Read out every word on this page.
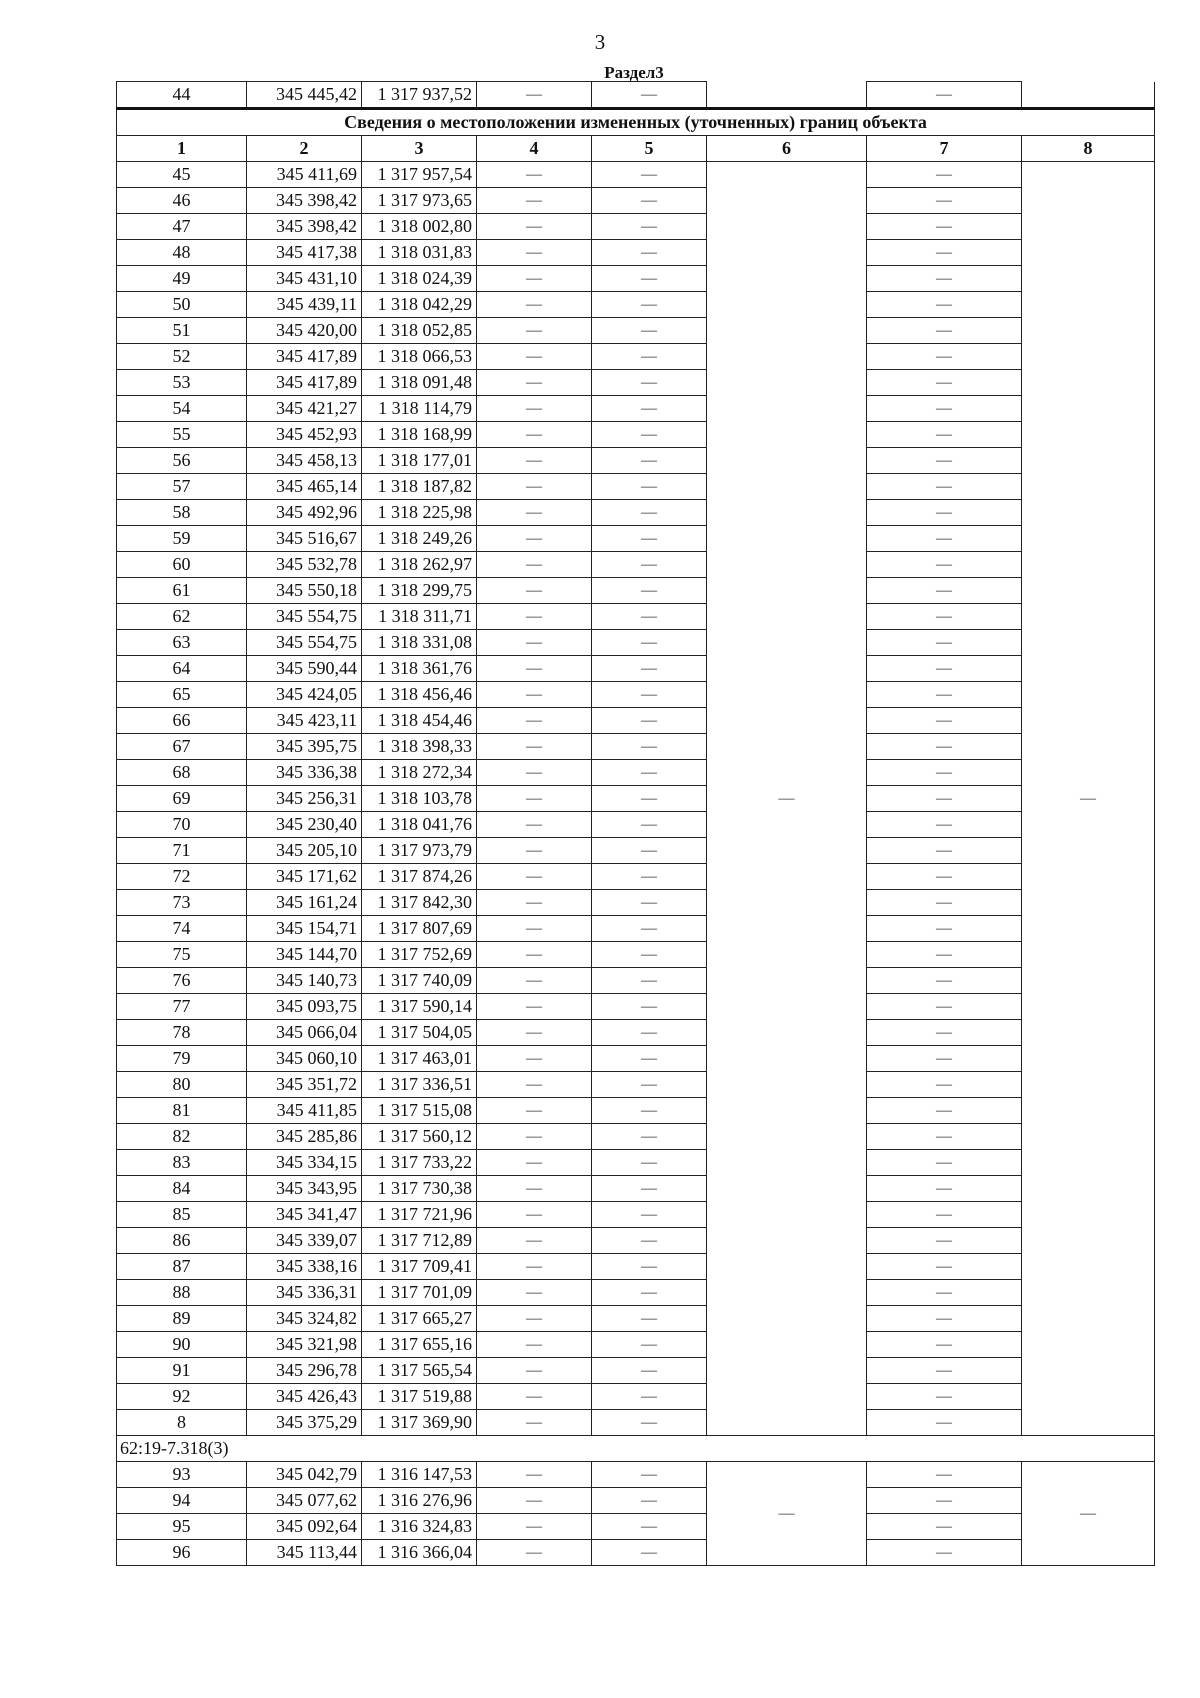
3
Раздел3
44	345 445,42	1 317 937,52	—	—		—	
Сведения о местоположении измененных (уточненных) границ объекта							
1	2	3	4	5	6	7	8
45	345 411,69	1 317 957,54	—	—	—	—	—
46	345 398,42	1 317 973,65	—	—		—	
47	345 398,42	1 318 002,80	—	—		—	
48	345 417,38	1 318 031,83	—	—		—	
49	345 431,10	1 318 024,39	—	—		—	
50	345 439,11	1 318 042,29	—	—		—	
51	345 420,00	1 318 052,85	—	—		—	
52	345 417,89	1 318 066,53	—	—		—	
53	345 417,89	1 318 091,48	—	—		—	
54	345 421,27	1 318 114,79	—	—		—	
55	345 452,93	1 318 168,99	—	—		—	
56	345 458,13	1 318 177,01	—	—		—	
57	345 465,14	1 318 187,82	—	—		—	
58	345 492,96	1 318 225,98	—	—		—	
59	345 516,67	1 318 249,26	—	—		—	
60	345 532,78	1 318 262,97	—	—		—	
61	345 550,18	1 318 299,75	—	—		—	
62	345 554,75	1 318 311,71	—	—		—	
63	345 554,75	1 318 331,08	—	—		—	
64	345 590,44	1 318 361,76	—	—		—	
65	345 424,05	1 318 456,46	—	—		—	
66	345 423,11	1 318 454,46	—	—		—	
67	345 395,75	1 318 398,33	—	—		—	
68	345 336,38	1 318 272,34	—	—		—	
69	345 256,31	1 318 103,78	—	—		—	
70	345 230,40	1 318 041,76	—	—		—	
71	345 205,10	1 317 973,79	—	—		—	
72	345 171,62	1 317 874,26	—	—		—	
73	345 161,24	1 317 842,30	—	—		—	
74	345 154,71	1 317 807,69	—	—		—	
75	345 144,70	1 317 752,69	—	—		—	
76	345 140,73	1 317 740,09	—	—		—	
77	345 093,75	1 317 590,14	—	—		—	
78	345 066,04	1 317 504,05	—	—		—	
79	345 060,10	1 317 463,01	—	—		—	
80	345 351,72	1 317 336,51	—	—		—	
81	345 411,85	1 317 515,08	—	—		—	
82	345 285,86	1 317 560,12	—	—		—	
83	345 334,15	1 317 733,22	—	—		—	
84	345 343,95	1 317 730,38	—	—		—	
85	345 341,47	1 317 721,96	—	—		—	
86	345 339,07	1 317 712,89	—	—		—	
87	345 338,16	1 317 709,41	—	—		—	
88	345 336,31	1 317 701,09	—	—		—	
89	345 324,82	1 317 665,27	—	—		—	
90	345 321,98	1 317 655,16	—	—		—	
91	345 296,78	1 317 565,54	—	—		—	
92	345 426,43	1 317 519,88	—	—		—	
8	345 375,29	1 317 369,90	—	—		—	
62:19-7.318(3)							
93	345 042,79	1 316 147,53	—	—	—	—	—
94	345 077,62	1 316 276,96	—	—		—	
95	345 092,64	1 316 324,83	—	—		—	
96	345 113,44	1 316 366,04	—	—		—	
